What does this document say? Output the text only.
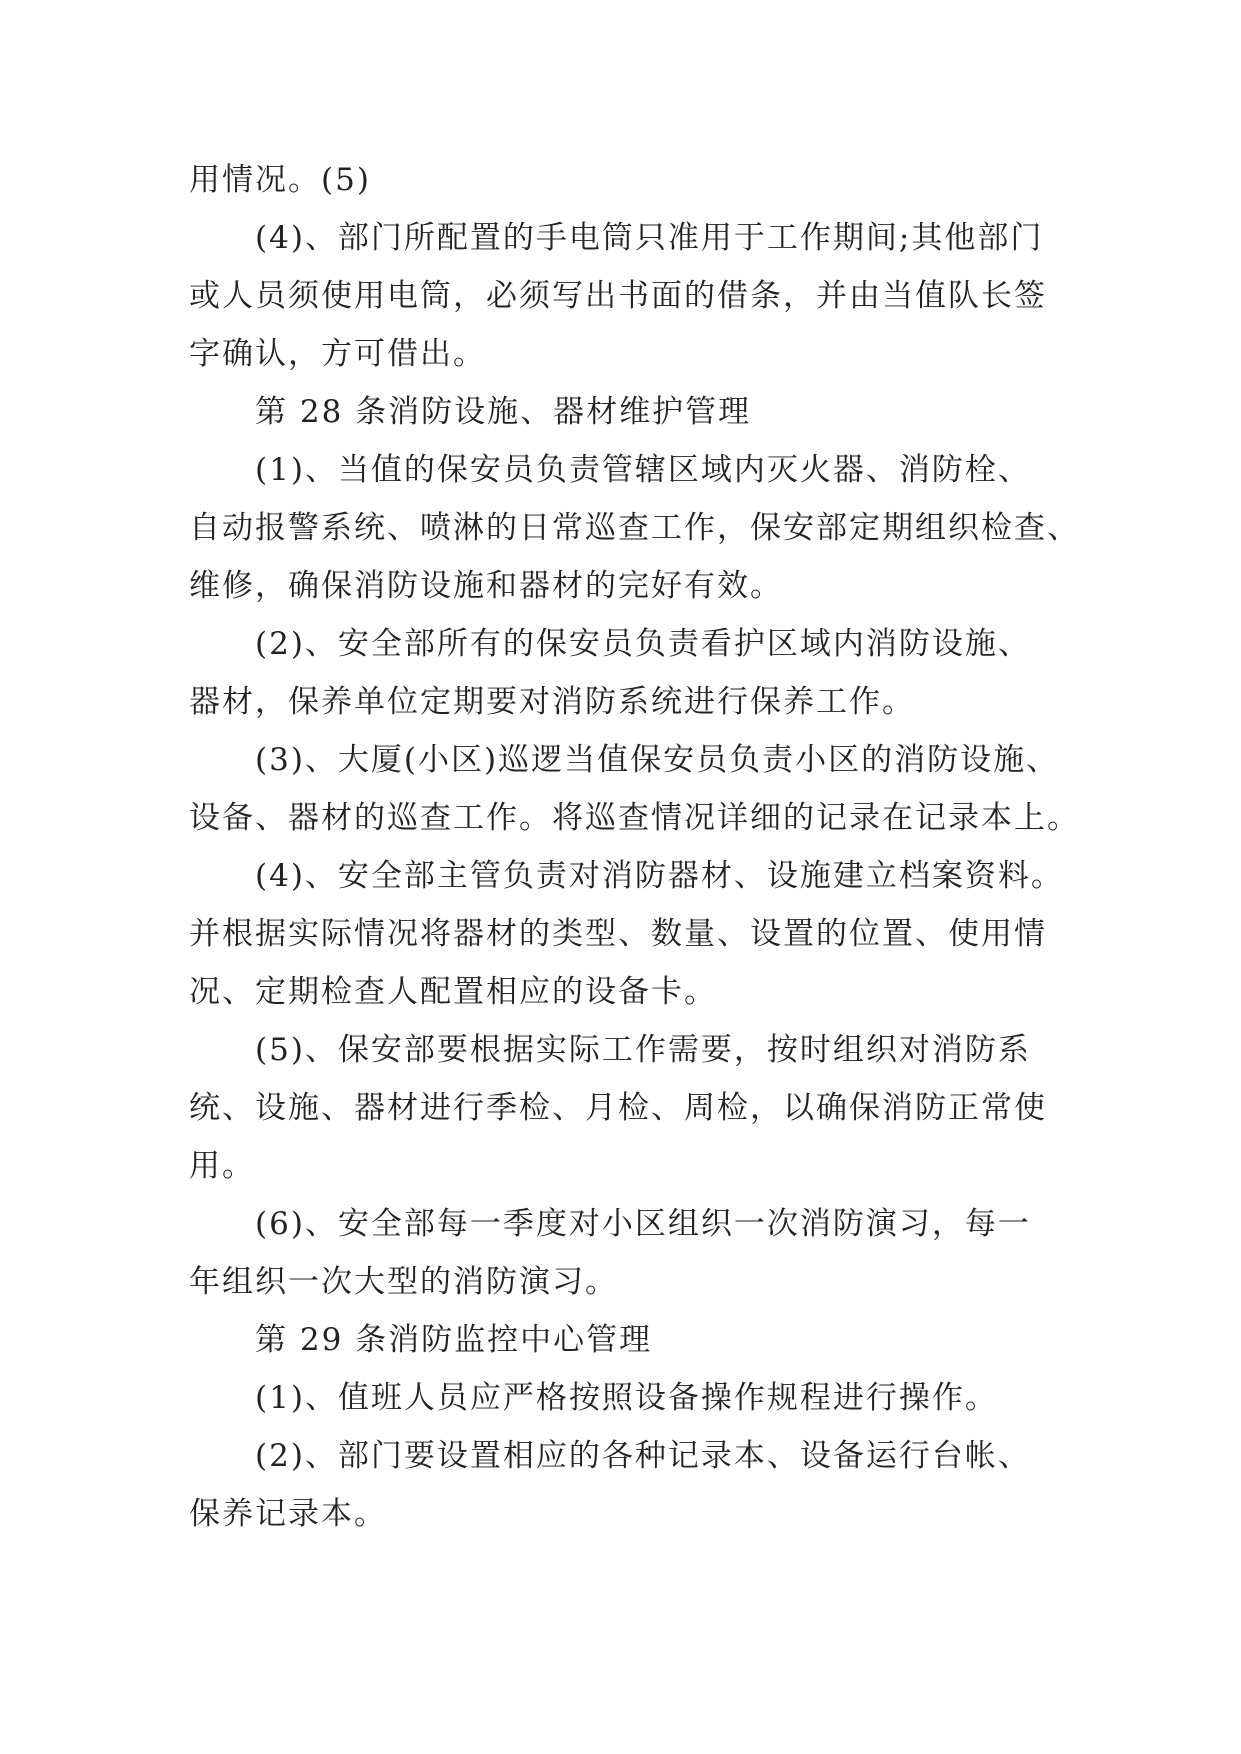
用情况。(5)
(4)、部门所配置的手电筒只准用于工作期间;其他部门
或人员须使用电筒，必须写出书面的借条，并由当值队长签
字确认，方可借出。
第 28 条消防设施、器材维护管理
(1)、当值的保安员负责管辖区域内灭火器、消防栓、
自动报警系统、喷淋的日常巡查工作，保安部定期组织检查、
维修，确保消防设施和器材的完好有效。
(2)、安全部所有的保安员负责看护区域内消防设施、
器材，保养单位定期要对消防系统进行保养工作。
(3)、大厦(小区)巡逻当值保安员负责小区的消防设施、
设备、器材的巡查工作。将巡查情况详细的记录在记录本上。
(4)、安全部主管负责对消防器材、设施建立档案资料。
并根据实际情况将器材的类型、数量、设置的位置、使用情
况、定期检查人配置相应的设备卡。
(5)、保安部要根据实际工作需要，按时组织对消防系
统、设施、器材进行季检、月检、周检，以确保消防正常使
用。
(6)、安全部每一季度对小区组织一次消防演习，每一
年组织一次大型的消防演习。
第 29 条消防监控中心管理
(1)、值班人员应严格按照设备操作规程进行操作。
(2)、部门要设置相应的各种记录本、设备运行台帐、
保养记录本。
